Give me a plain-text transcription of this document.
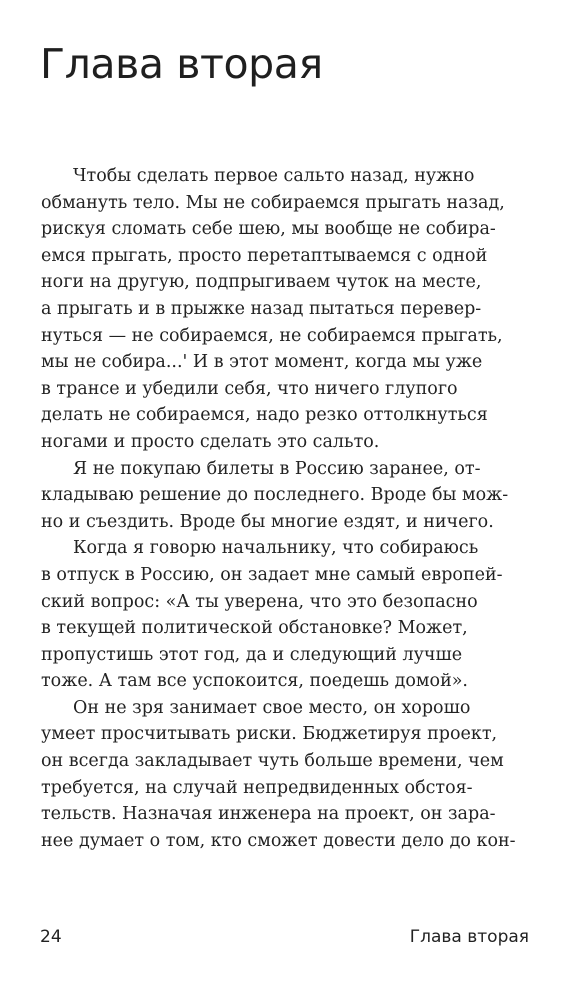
Глава вторая
Чтобы сделать первое сальто назад, нужно
обмануть тело. Мы не собираемся прыгать назад,
рискуя сломать себе шею, мы вообще не собира-
емся прыгать, просто перетаптываемся с одной
ноги на другую, подпрыгиваем чуток на месте,
а прыгать и в прыжке назад пытаться перевер-
нуться — не собираемся, не собираемся прыгать,
мы не собира...' И в этот момент, когда мы уже
в трансе и убедили себя, что ничего глупого
делать не собираемся, надо резко оттолкнуться
ногами и просто сделать это сальто.
Я не покупаю билеты в Россию заранее, от-
кладываю решение до последнего. Вроде бы мож-
но и съездить. Вроде бы многие ездят, и ничего.
Когда я говорю начальнику, что собираюсь
в отпуск в Россию, он задает мне самый европей-
ский вопрос: «А ты уверена, что это безопасно
в текущей политической обстановке? Может,
пропустишь этот год, да и следующий лучше
тоже. А там все успокоится, поедешь домой».
Он не зря занимает свое место, он хорошо
умеет просчитывать риски. Бюджетируя проект,
он всегда закладывает чуть больше времени, чем
требуется, на случай непредвиденных обстоя-
тельств. Назначая инженера на проект, он зара-
нее думает о том, кто сможет довести дело до кон-
24	Глава вторая
